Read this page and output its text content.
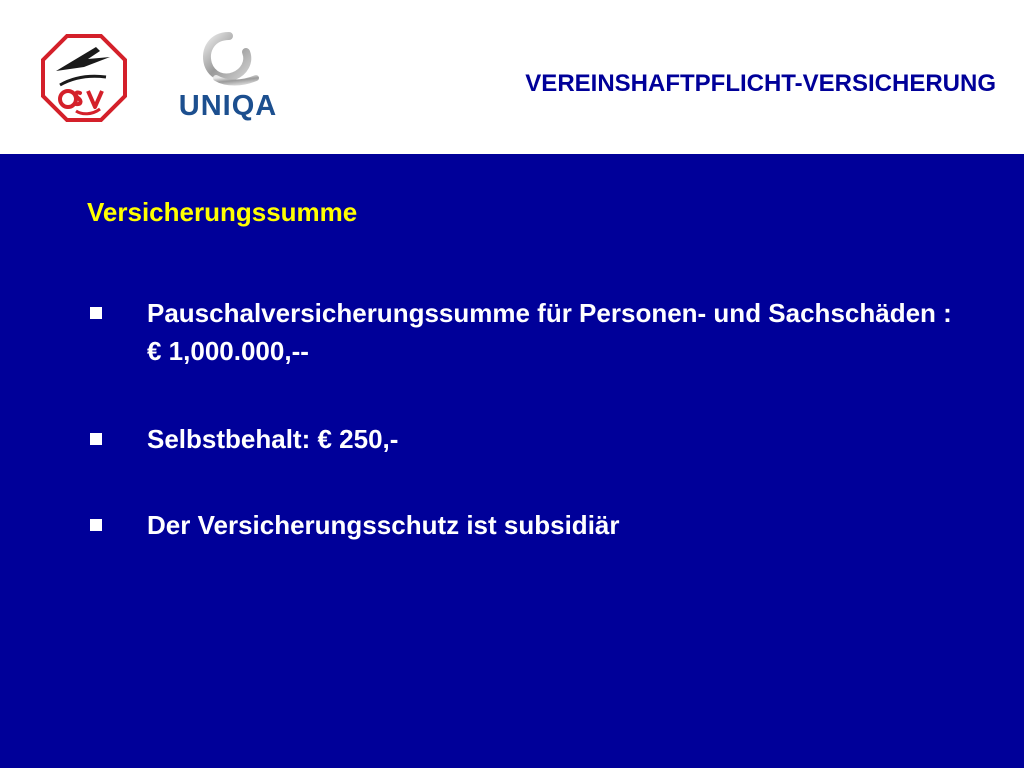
UNIQA
VEREINSHAFTPFLICHT-VERSICHERUNG
Versicherungssumme
Pauschalversicherungssumme für Personen- und Sachschäden : € 1,000.000,--
Selbstbehalt: € 250,-
Der Versicherungsschutz ist subsidiär
